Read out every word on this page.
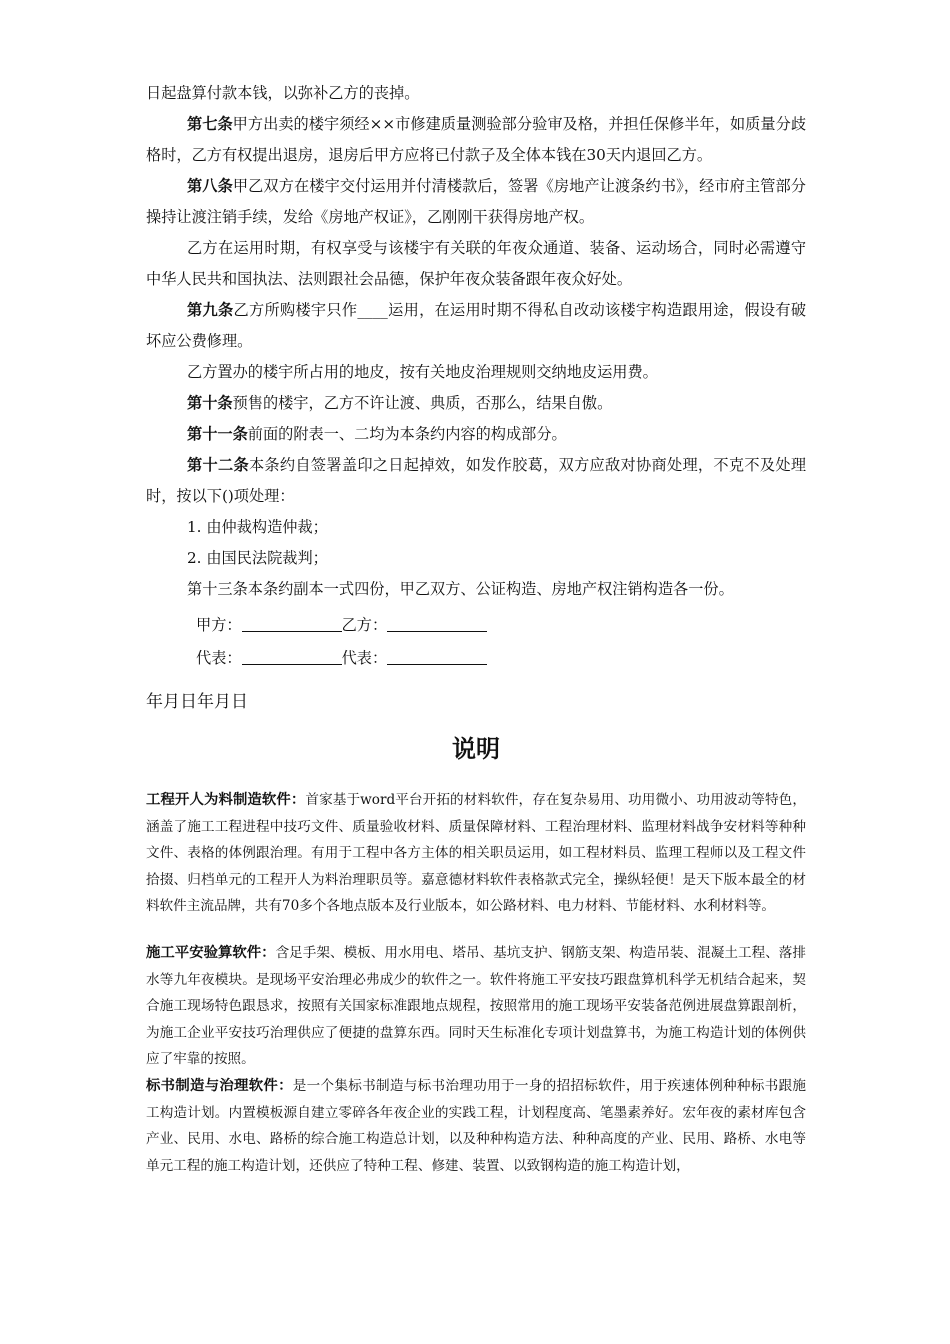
日起盘算付款本钱，以弥补乙方的丧掉。

第七条甲方出卖的楼宇须经××市修建质量测验部分验审及格，并担任保修半年，如质量分歧格时，乙方有权提出退房，退房后甲方应将已付款子及全体本钱在30天内退回乙方。

第八条甲乙双方在楼宇交付运用并付清楼款后，签署《房地产让渡条约书》，经市府主管部分操持让渡注销手续，发给《房地产权证》，乙刚刚干获得房地产权。

乙方在运用时期，有权享受与该楼宇有关联的年夜众通道、装备、运动场合，同时必需遵守中华人民共和国执法、法则跟社会品德，保护年夜众装备跟年夜众好处。

第九条乙方所购楼宇只作____运用，在运用时期不得私自改动该楼宇构造跟用途，假设有破坏应公费修理。

乙方置办的楼宇所占用的地皮，按有关地皮治理规则交纳地皮运用费。

第十条预售的楼宇，乙方不许让渡、典质，否那么，结果自傲。

第十一条前面的附表一、二均为本条约内容的构成部分。

第十二条本条约自签署盖印之日起掉效，如发作胶葛，双方应敌对协商处理，不克不及处理时，按以下()项处理：

1. 由仲裁构造仲裁；

2. 由国民法院裁判；

第十三条本条约副本一式四份，甲乙双方、公证构造、房地产权注销构造各一份。

甲方：	乙方：

代表：	代表：

年月日年月日

说明

工程开人为料制造软件：首家基于word平台开拓的材料软件，存在复杂易用、功用微小、功用波动等特色，涵盖了施工工程进程中技巧文件、质量验收材料、质量保障材料、工程治理材料、监理材料战争安材料等种种文件、表格的体例跟治理。有用于工程中各方主体的相关职员运用，如工程材料员、监理工程师以及工程文件拾掇、归档单元的工程开人为料治理职员等。嘉意德材料软件表格款式完全，操纵轻便！是天下版本最全的材料软件主流品牌，共有70多个各地点版本及行业版本，如公路材料、电力材料、节能材料、水利材料等。

施工平安验算软件：含足手架、模板、用水用电、塔吊、基坑支护、钢筋支架、构造吊装、混凝土工程、落排水等九年夜模块。是现场平安治理必弗成少的软件之一。软件将施工平安技巧跟盘算机科学无机结合起来，契合施工现场特色跟恳求，按照有关国家标准跟地点规程，按照常用的施工现场平安装备范例进展盘算跟剖析，为施工企业平安技巧治理供应了便捷的盘算东西。同时天生标准化专项计划盘算书，为施工构造计划的体例供应了牢靠的按照。

标书制造与治理软件：是一个集标书制造与标书治理功用于一身的招招标软件，用于疾速体例种种标书跟施工构造计划。内置模板源自建立零碎各年夜企业的实践工程，计划程度高、笔墨素养好。宏年夜的素材库包含产业、民用、水电、路桥的综合施工构造总计划，以及种种构造方法、种种高度的产业、民用、路桥、水电等单元工程的施工构造计划，还供应了特种工程、修建、装置、以致钢构造的施工构造计划，
